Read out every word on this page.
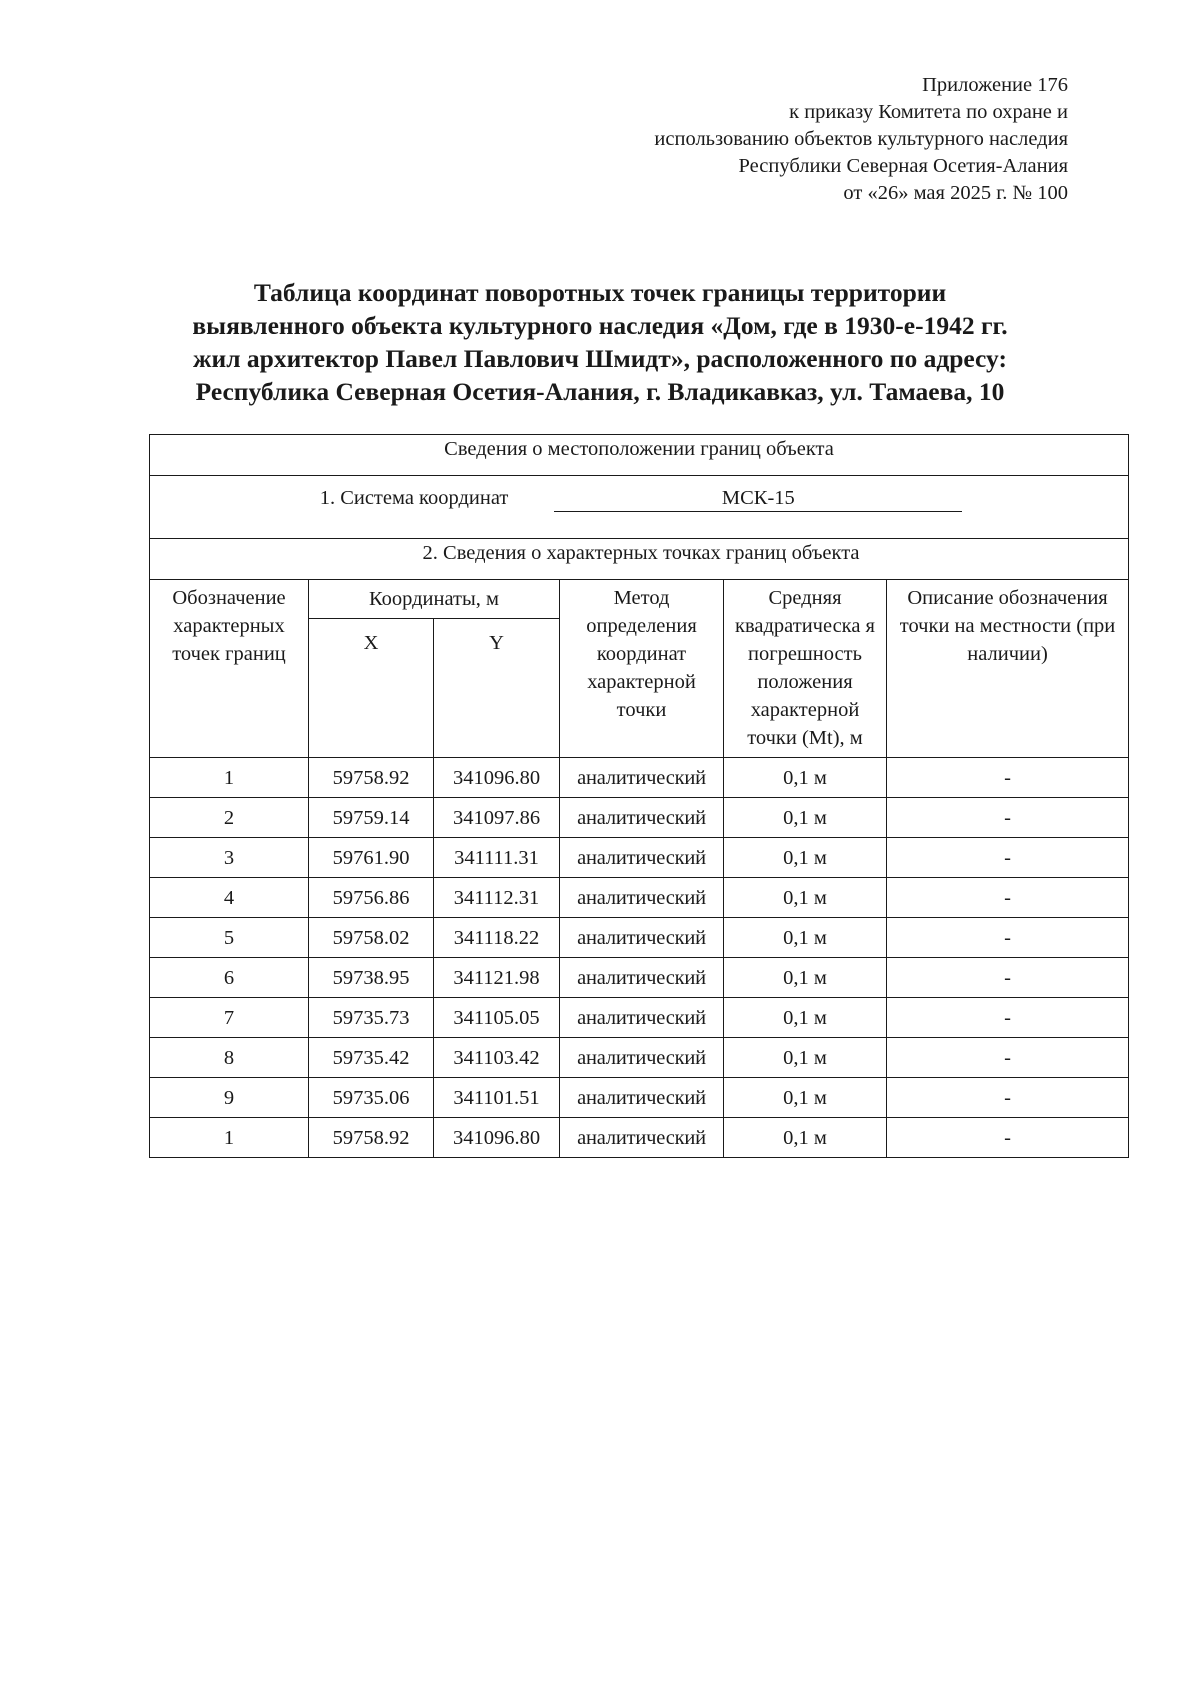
Приложение 176
к приказу Комитета по охране и
использованию объектов культурного наследия
Республики Северная Осетия-Алания
от «26» мая 2025 г. № 100
Таблица координат поворотных точек границы территории
выявленного объекта культурного наследия «Дом, где в 1930-е-1942 гг.
жил архитектор Павел Павлович Шмидт», расположенного по адресу:
Республика Северная Осетия-Алания, г. Владикавказ, ул. Тамаева, 10
Сведения о местоположении границ объекта					

1. Система координат МСК-15					

2. Сведения о характерных точках границ объекта					

Обозначение характерных точек границ	Координаты, м		Метод определения координат характерной точки	Средняя квадратическа я погрешность положения характерной точки (Mt), м	Описание обозначения точки на местности (при наличии)

	X	Y			

1	59758.92	341096.80	аналитический	0,1 м	-
2	59759.14	341097.86	аналитический	0,1 м	-
3	59761.90	341111.31	аналитический	0,1 м	-
4	59756.86	341112.31	аналитический	0,1 м	-
5	59758.02	341118.22	аналитический	0,1 м	-
6	59738.95	341121.98	аналитический	0,1 м	-
7	59735.73	341105.05	аналитический	0,1 м	-
8	59735.42	341103.42	аналитический	0,1 м	-
9	59735.06	341101.51	аналитический	0,1 м	-
1	59758.92	341096.80	аналитический	0,1 м	-
